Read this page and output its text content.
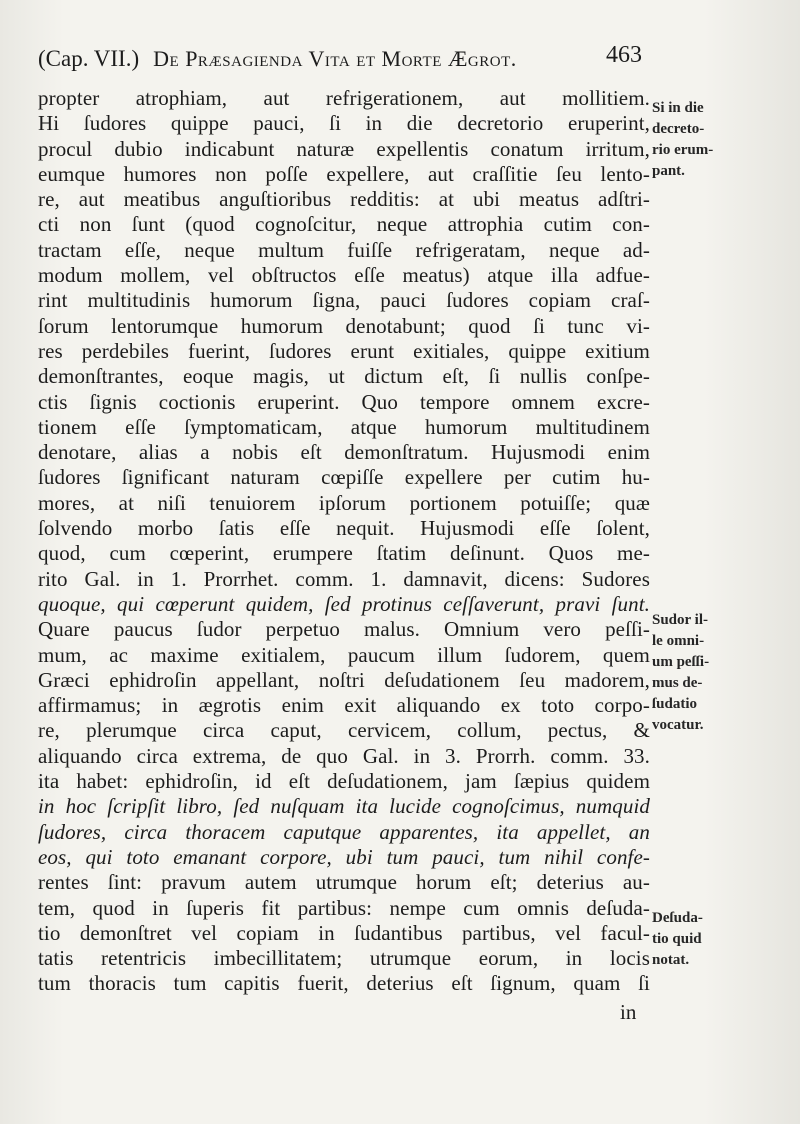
(Cap. VII.) De Præsagienda Vita et Morte Ægrot.	463
propter atrophiam, aut refrigerationem, aut mollitiem.
Hi ſudores quippe pauci, ſi in die decretorio eruperint,
procul dubio indicabunt naturæ expellentis conatum irritum,
eumque humores non poſſe expellere, aut craſſitie ſeu lento-
re, aut meatibus anguſtioribus redditis: at ubi meatus adſtri-
cti non ſunt (quod cognoſcitur, neque attrophia cutim con-
tractam eſſe, neque multum fuiſſe refrigeratam, neque ad-
modum mollem, vel obſtructos eſſe meatus) atque illa adfue-
rint multitudinis humorum ſigna, pauci ſudores copiam craſ-
ſorum lentorumque humorum denotabunt; quod ſi tunc vi-
res perdebiles fuerint, ſudores erunt exitiales, quippe exitium
demonſtrantes, eoque magis, ut dictum eſt, ſi nullis conſpe-
ctis ſignis coctionis eruperint. Quo tempore omnem excre-
tionem eſſe ſymptomaticam, atque humorum multitudinem
denotare, alias a nobis eſt demonſtratum. Hujusmodi enim
ſudores ſignificant naturam cœpiſſe expellere per cutim hu-
mores, at niſi tenuiorem ipſorum portionem potuiſſe; quæ
ſolvendo morbo ſatis eſſe nequit. Hujusmodi eſſe ſolent,
quod, cum cœperint, erumpere ſtatim deſinunt. Quos me-
rito Gal. in 1. Prorrhet. comm. 1. damnavit, dicens: Sudores
quoque, qui cœperunt quidem, ſed protinus ceſſaverunt, pravi ſunt.
Quare paucus ſudor perpetuo malus. Omnium vero peſſi-
mum, ac maxime exitialem, paucum illum ſudorem, quem
Græci ephidroſin appellant, noſtri deſudationem ſeu madorem,
affirmamus; in ægrotis enim exit aliquando ex toto corpo-
re, plerumque circa caput, cervicem, collum, pectus, &
aliquando circa extrema, de quo Gal. in 3. Prorrh. comm. 33.
ita habet: ephidroſin, id eſt deſudationem, jam ſæpius quidem
in hoc ſcripſit libro, ſed nuſquam ita lucide cognoſcimus, numquid
ſudores, circa thoracem caputque apparentes, ita appellet, an
eos, qui toto emanant corpore, ubi tum pauci, tum nihil confe-
rentes ſint: pravum autem utrumque horum eſt; deterius au-
tem, quod in ſuperis fit partibus: nempe cum omnis deſuda-
tio demonſtret vel copiam in ſudantibus partibus, vel facul-
tatis retentricis imbecillitatem; utrumque eorum, in locis
tum thoracis tum capitis fuerit, deterius eſt ſignum, quam ſi
in
Si in die
decreto-
rio erum-
pant.
Sudor il-
le omni-
um peſſi-
mus de-
ſudatio
vocatur.
Deſuda-
tio quid
notat.
